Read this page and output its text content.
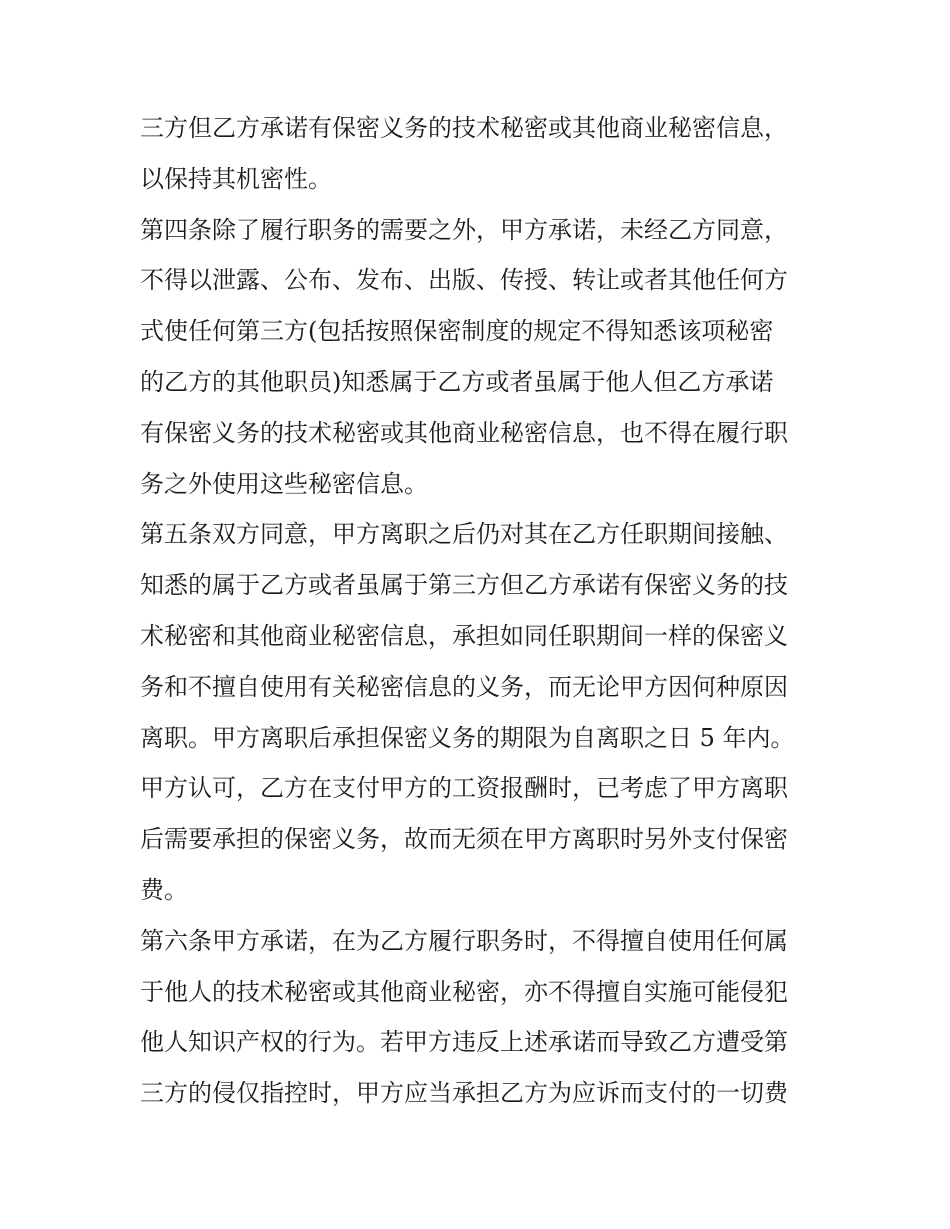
三方但乙方承诺有保密义务的技术秘密或其他商业秘密信息，
以保持其机密性。
第四条除了履行职务的需要之外，甲方承诺，未经乙方同意，
不得以泄露、公布、发布、出版、传授、转让或者其他任何方
式使任何第三方(包括按照保密制度的规定不得知悉该项秘密
的乙方的其他职员)知悉属于乙方或者虽属于他人但乙方承诺
有保密义务的技术秘密或其他商业秘密信息，也不得在履行职
务之外使用这些秘密信息。
第五条双方同意，甲方离职之后仍对其在乙方任职期间接触、
知悉的属于乙方或者虽属于第三方但乙方承诺有保密义务的技
术秘密和其他商业秘密信息，承担如同任职期间一样的保密义
务和不擅自使用有关秘密信息的义务，而无论甲方因何种原因
离职。甲方离职后承担保密义务的期限为自离职之日 5 年内。
甲方认可，乙方在支付甲方的工资报酬时，已考虑了甲方离职
后需要承担的保密义务，故而无须在甲方离职时另外支付保密
费。
第六条甲方承诺，在为乙方履行职务时，不得擅自使用任何属
于他人的技术秘密或其他商业秘密，亦不得擅自实施可能侵犯
他人知识产权的行为。若甲方违反上述承诺而导致乙方遭受第
三方的侵仅指控时，甲方应当承担乙方为应诉而支付的一切费
